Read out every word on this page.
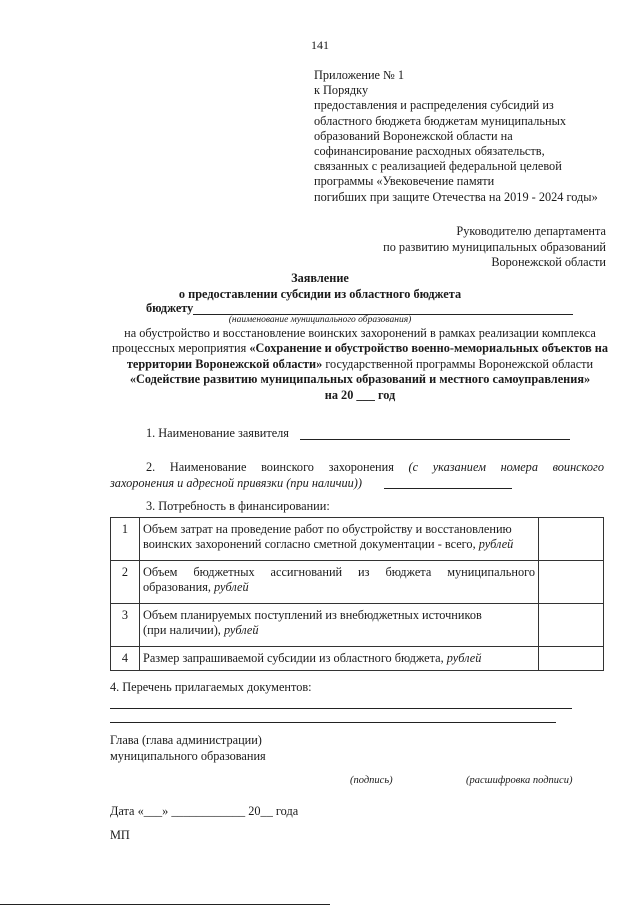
141
Приложение № 1
к Порядку
предоставления и распределения субсидий из
областного бюджета бюджетам муниципальных
образований Воронежской области на
софинансирование расходных обязательств,
связанных с реализацией федеральной целевой
программы «Увековечение памяти
погибших при защите Отечества на 2019 - 2024 годы»
Руководителю департамента
по развитию муниципальных образований
Воронежской области
Заявление
о предоставлении субсидии из областного бюджета
бюджету
(наименование муниципального образования)
на обустройство и восстановление воинских захоронений в рамках реализации комплекса процессных мероприятия «Сохранение и обустройство военно-мемориальных объектов на территории Воронежской области» государственной программы Воронежской области «Содействие развитию муниципальных образований и местного самоуправления»
на 20 ___ год
1. Наименование заявителя
2. Наименование воинского захоронения (с указанием номера воинского
захоронения и адресной привязки (при наличии))
3. Потребность в финансировании:
1	Объем затрат на проведение работ по обустройству и восстановлению
воинских захоронений согласно сметной документации - всего, рублей	

2	Объем бюджетных ассигнований из бюджета муниципального
образования, рублей	

3	Объем планируемых поступлений из внебюджетных источников
(при наличии), рублей	

4	Размер запрашиваемой субсидии из областного бюджета, рублей	
4. Перечень прилагаемых документов:
Глава (глава администрации)
муниципального образования
(подпись)	(расшифровка подписи)
Дата «___» ____________ 20__ года
МП
